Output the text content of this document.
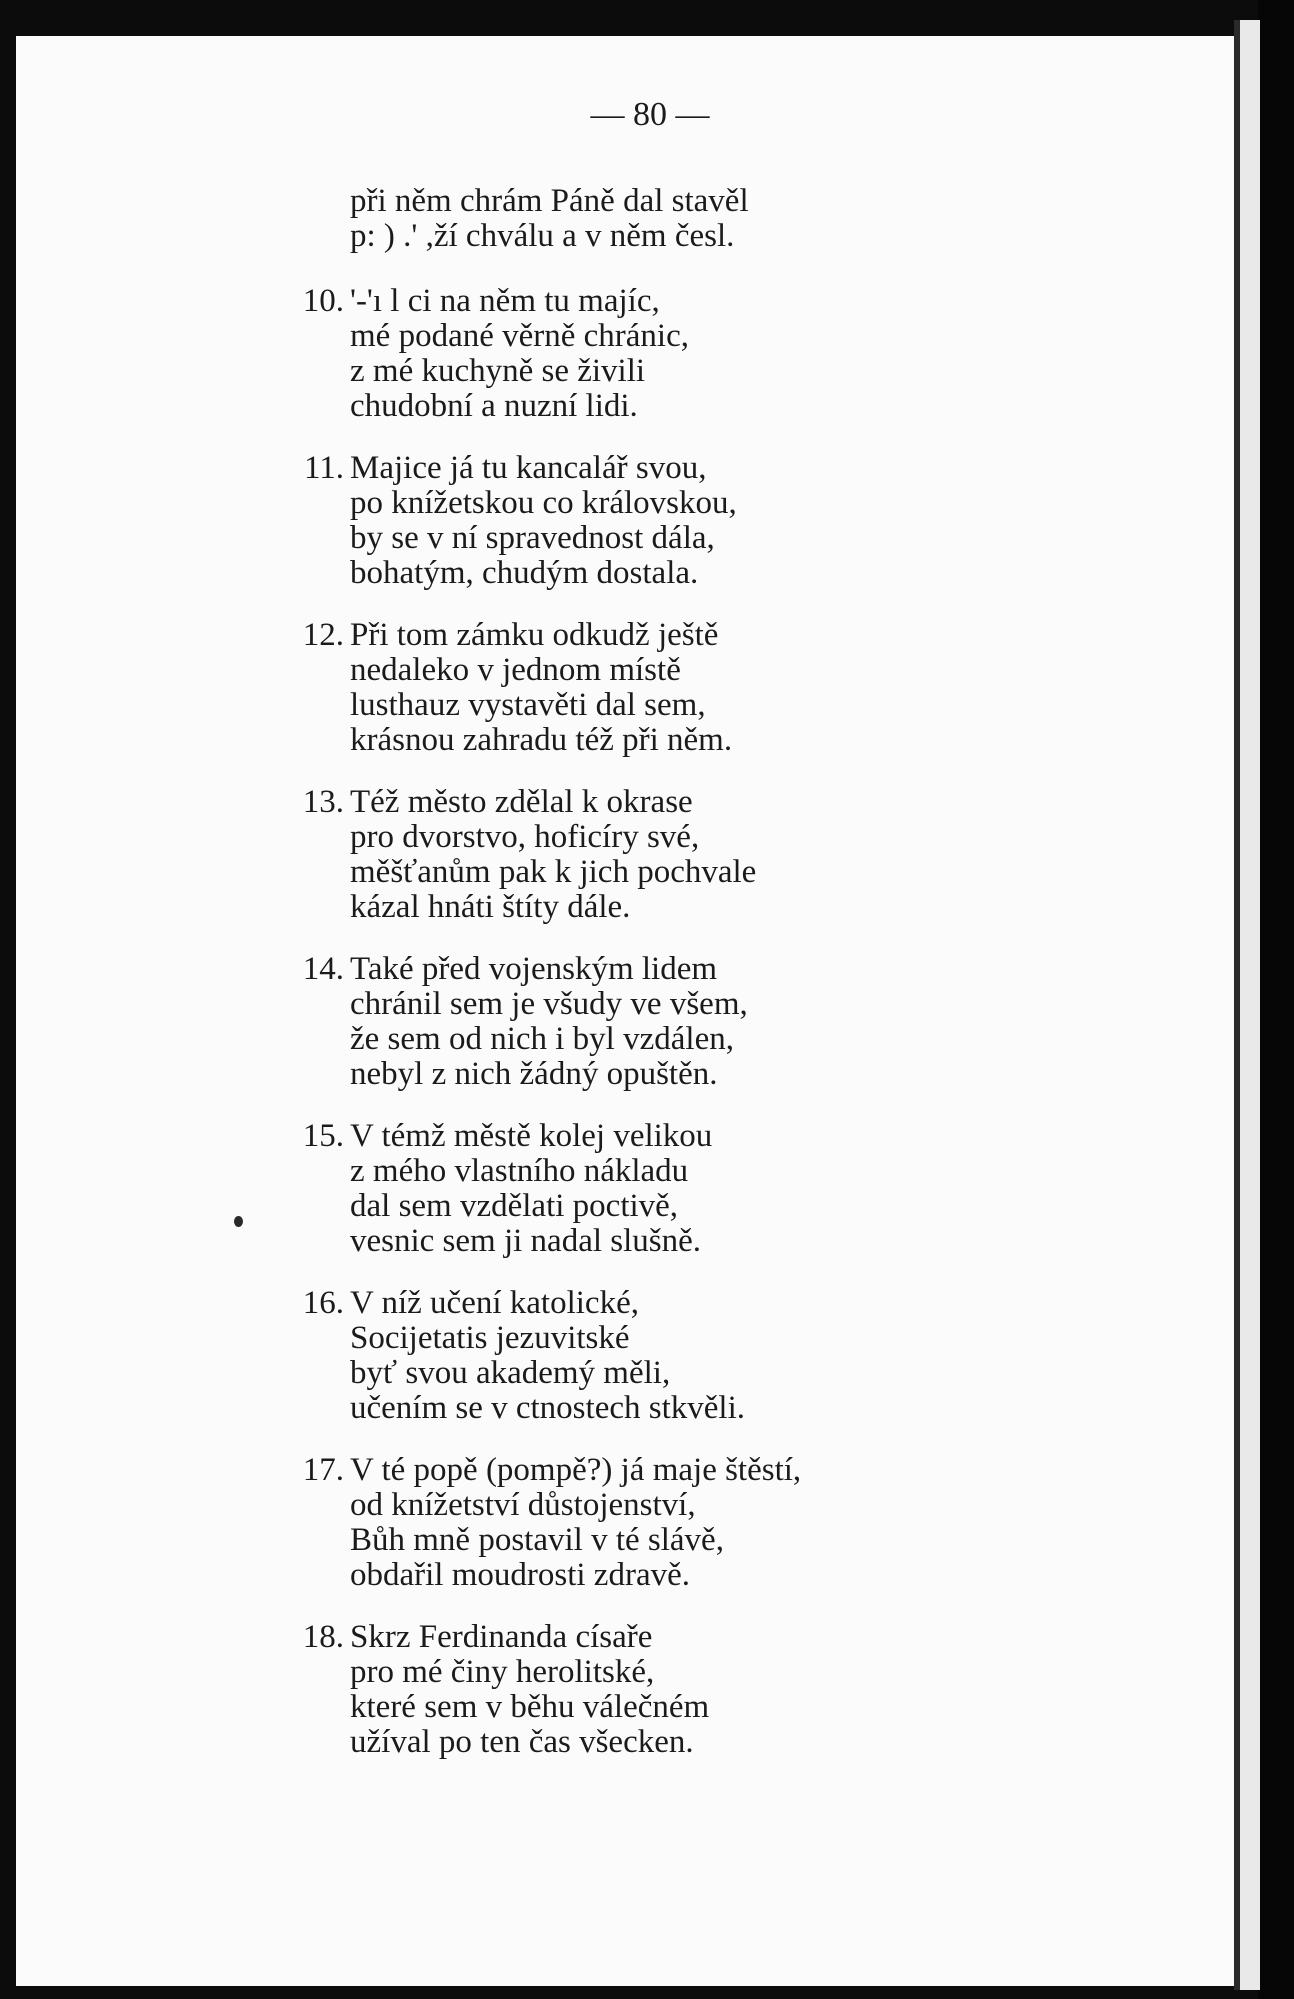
— 80 —
při něm chrám Páně dal stavěl
p: ) .' ,ží chválu a v něm česl.
10. '-'ı l ci na něm tu majíc,
mé podané věrně chránic,
z mé kuchyně se živili
chudobní a nuzní lidi.
11. Majice já tu kancalář svou,
po knížetskou co královskou,
by se v ní spravednost dála,
bohatým, chudým dostala.
12. Při tom zámku odkudž ještě
nedaleko v jednom místě
lusthauz vystavěti dal sem,
krásnou zahradu též při něm.
13. Též město zdělal k okrase
pro dvorstvo, hoficíry své,
měšťanům pak k jich pochvale
kázal hnáti štíty dále.
14. Také před vojenským lidem
chránil sem je všudy ve všem,
že sem od nich i byl vzdálen,
nebyl z nich žádný opuštěn.
15. V témž městě kolej velikou
z mého vlastního nákladu
dal sem vzdělati poctivě,
vesnic sem ji nadal slušně.
16. V níž učení katolické,
Socijetatis jezuvitské
byť svou akademý měli,
učením se v ctnostech stkvěli.
17. V té popě (pompě?) já maje štěstí,
od knížetství důstojenství,
Bůh mně postavil v té slávě,
obdařil moudrosti zdravě.
18. Skrz Ferdinanda císaře
pro mé činy herolitské,
které sem v běhu válečném
užíval po ten čas všecken.
